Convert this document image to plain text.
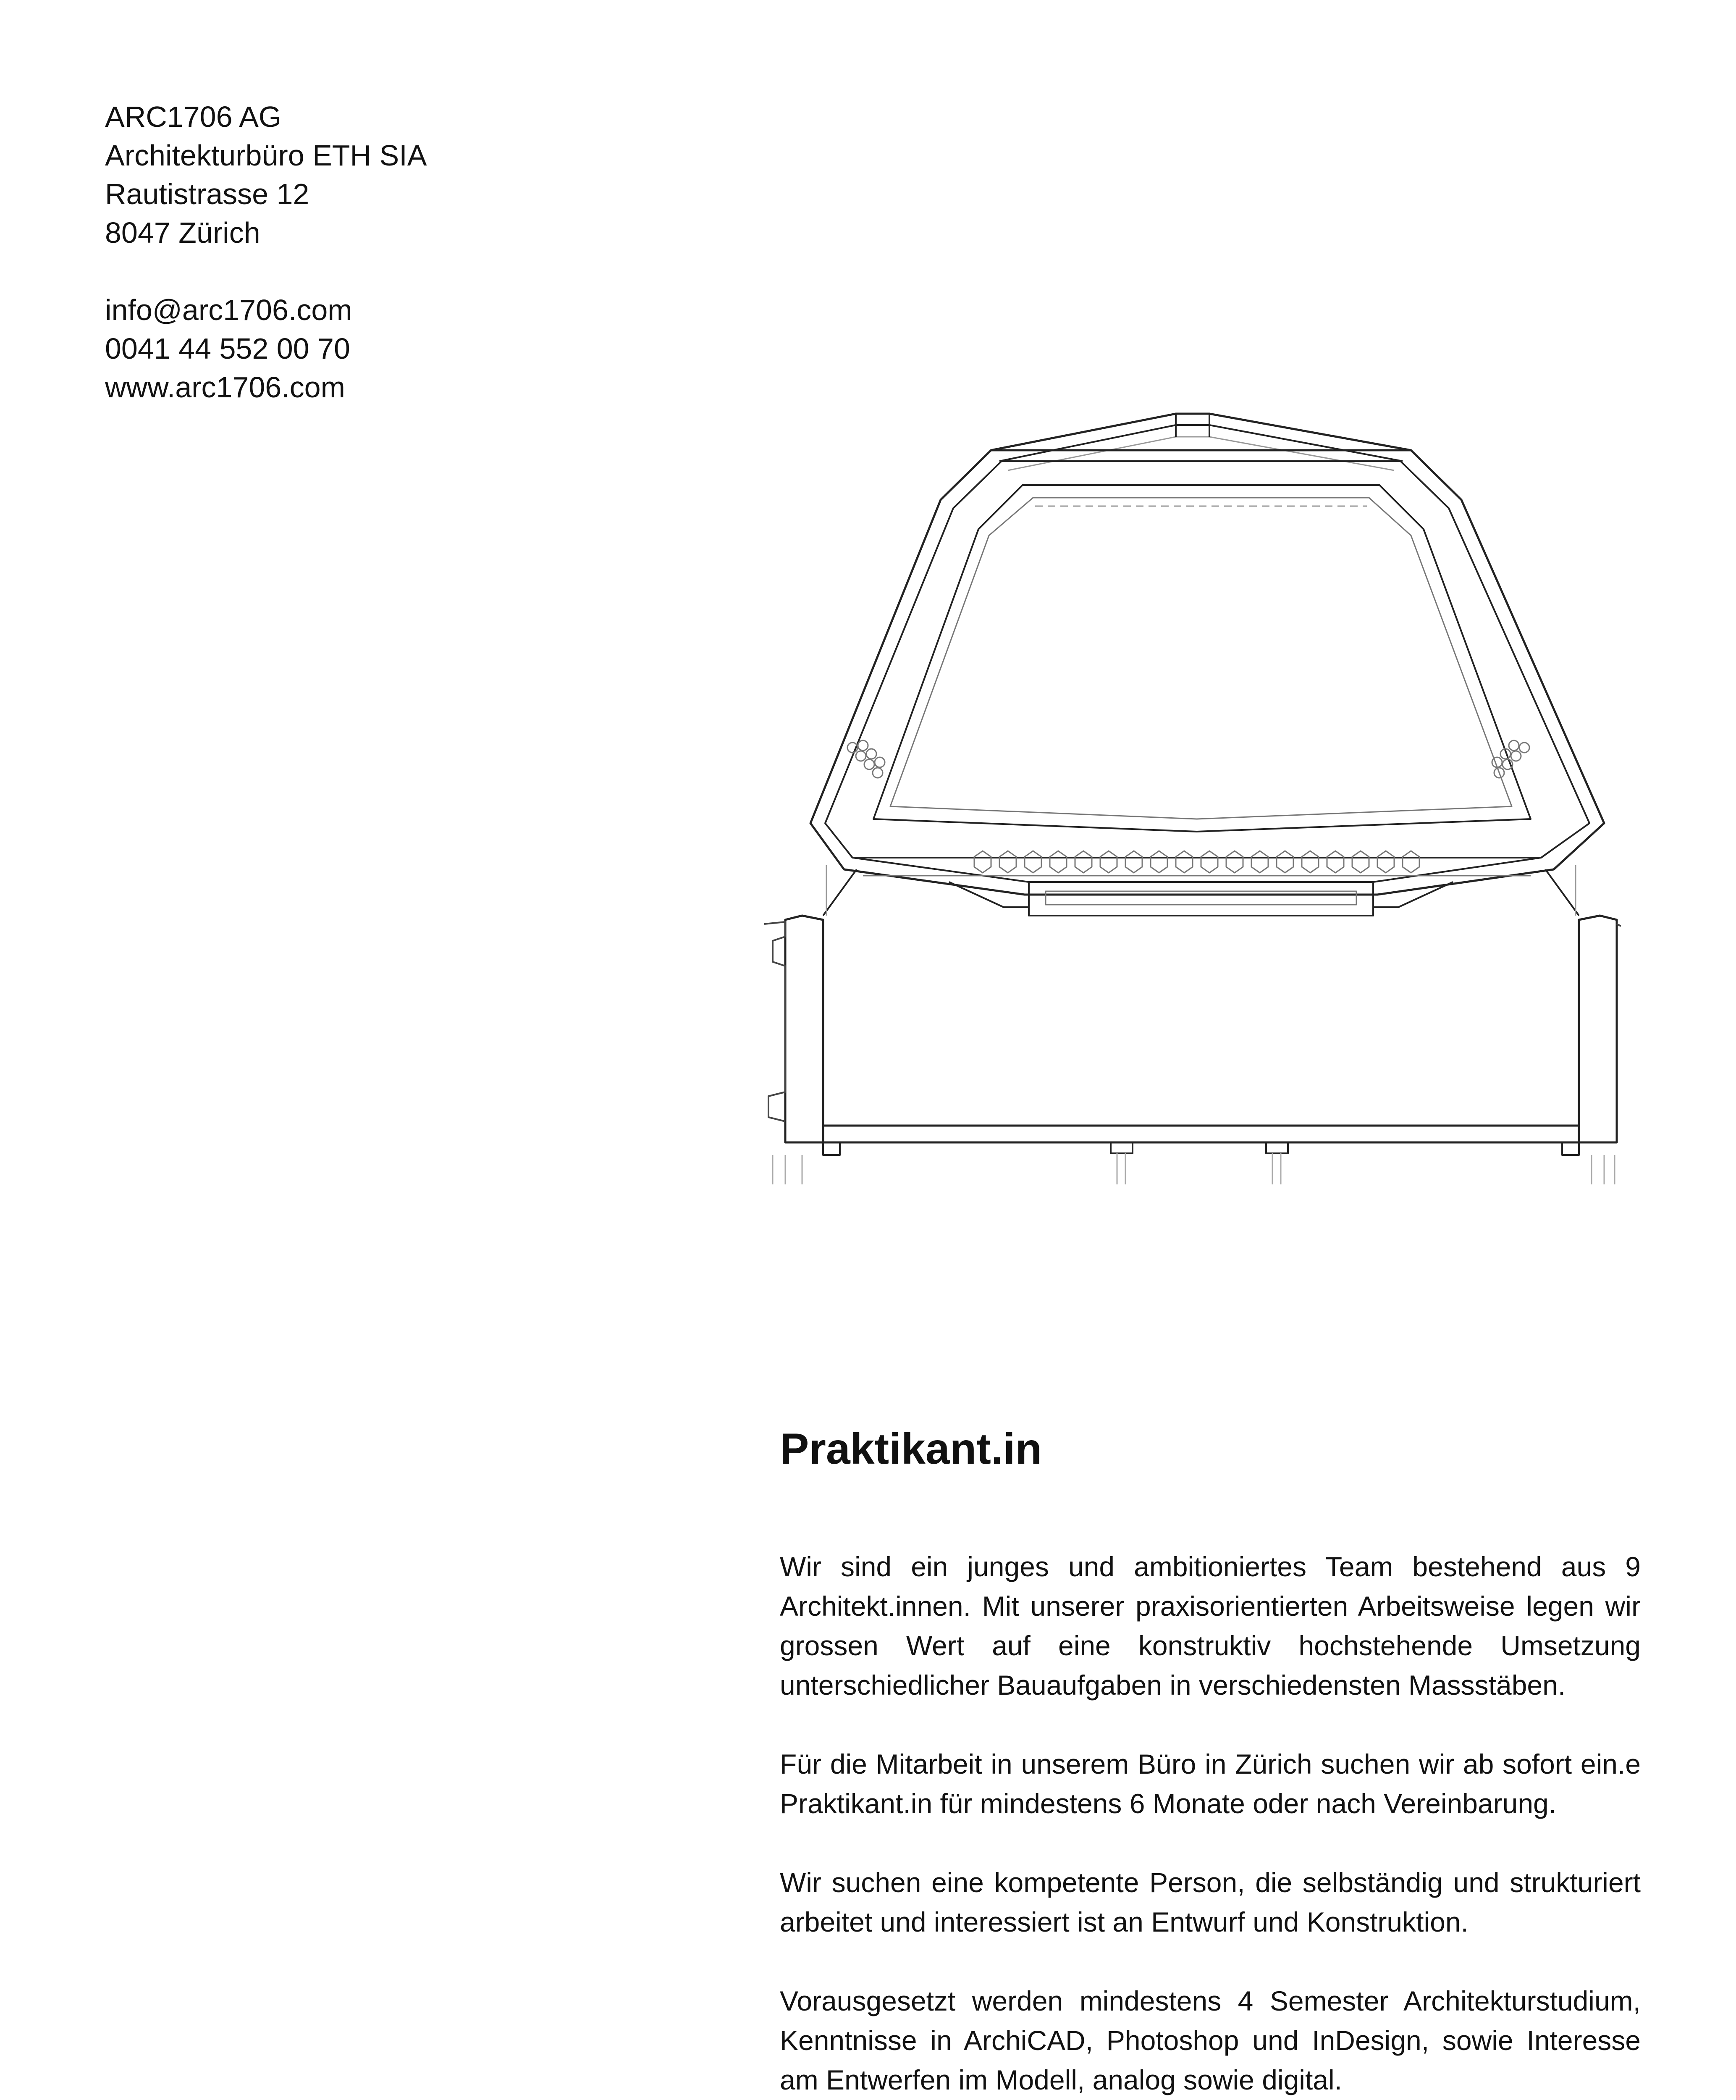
ARC1706 AG
Architekturbüro ETH SIA
Rautistrasse 12
8047 Zürich
info@arc1706.com
0041 44 552 00 70
www.arc1706.com
Praktikant.in

Wir sind ein junges und ambitioniertes Team bestehend aus 9 Architekt.innen. Mit unserer praxisorientierten Arbeitsweise legen wir grossen Wert auf eine konstruktiv hochstehende Umsetzung unterschiedlicher Bauaufgaben in verschiedensten Massstäben.

Für die Mitarbeit in unserem Büro in Zürich suchen wir ab sofort ein.e Praktikant.in für mindestens 6 Monate oder nach Vereinbarung.

Wir suchen eine kompetente Person, die selbständig und strukturiert arbeitet und interessiert ist an Entwurf und Konstruktion.

Vorausgesetzt werden mindestens 4 Semester Architekturstudium, Kenntnisse in ArchiCAD, Photoshop und InDesign, sowie Interesse am Entwerfen im Modell, analog sowie digital.
